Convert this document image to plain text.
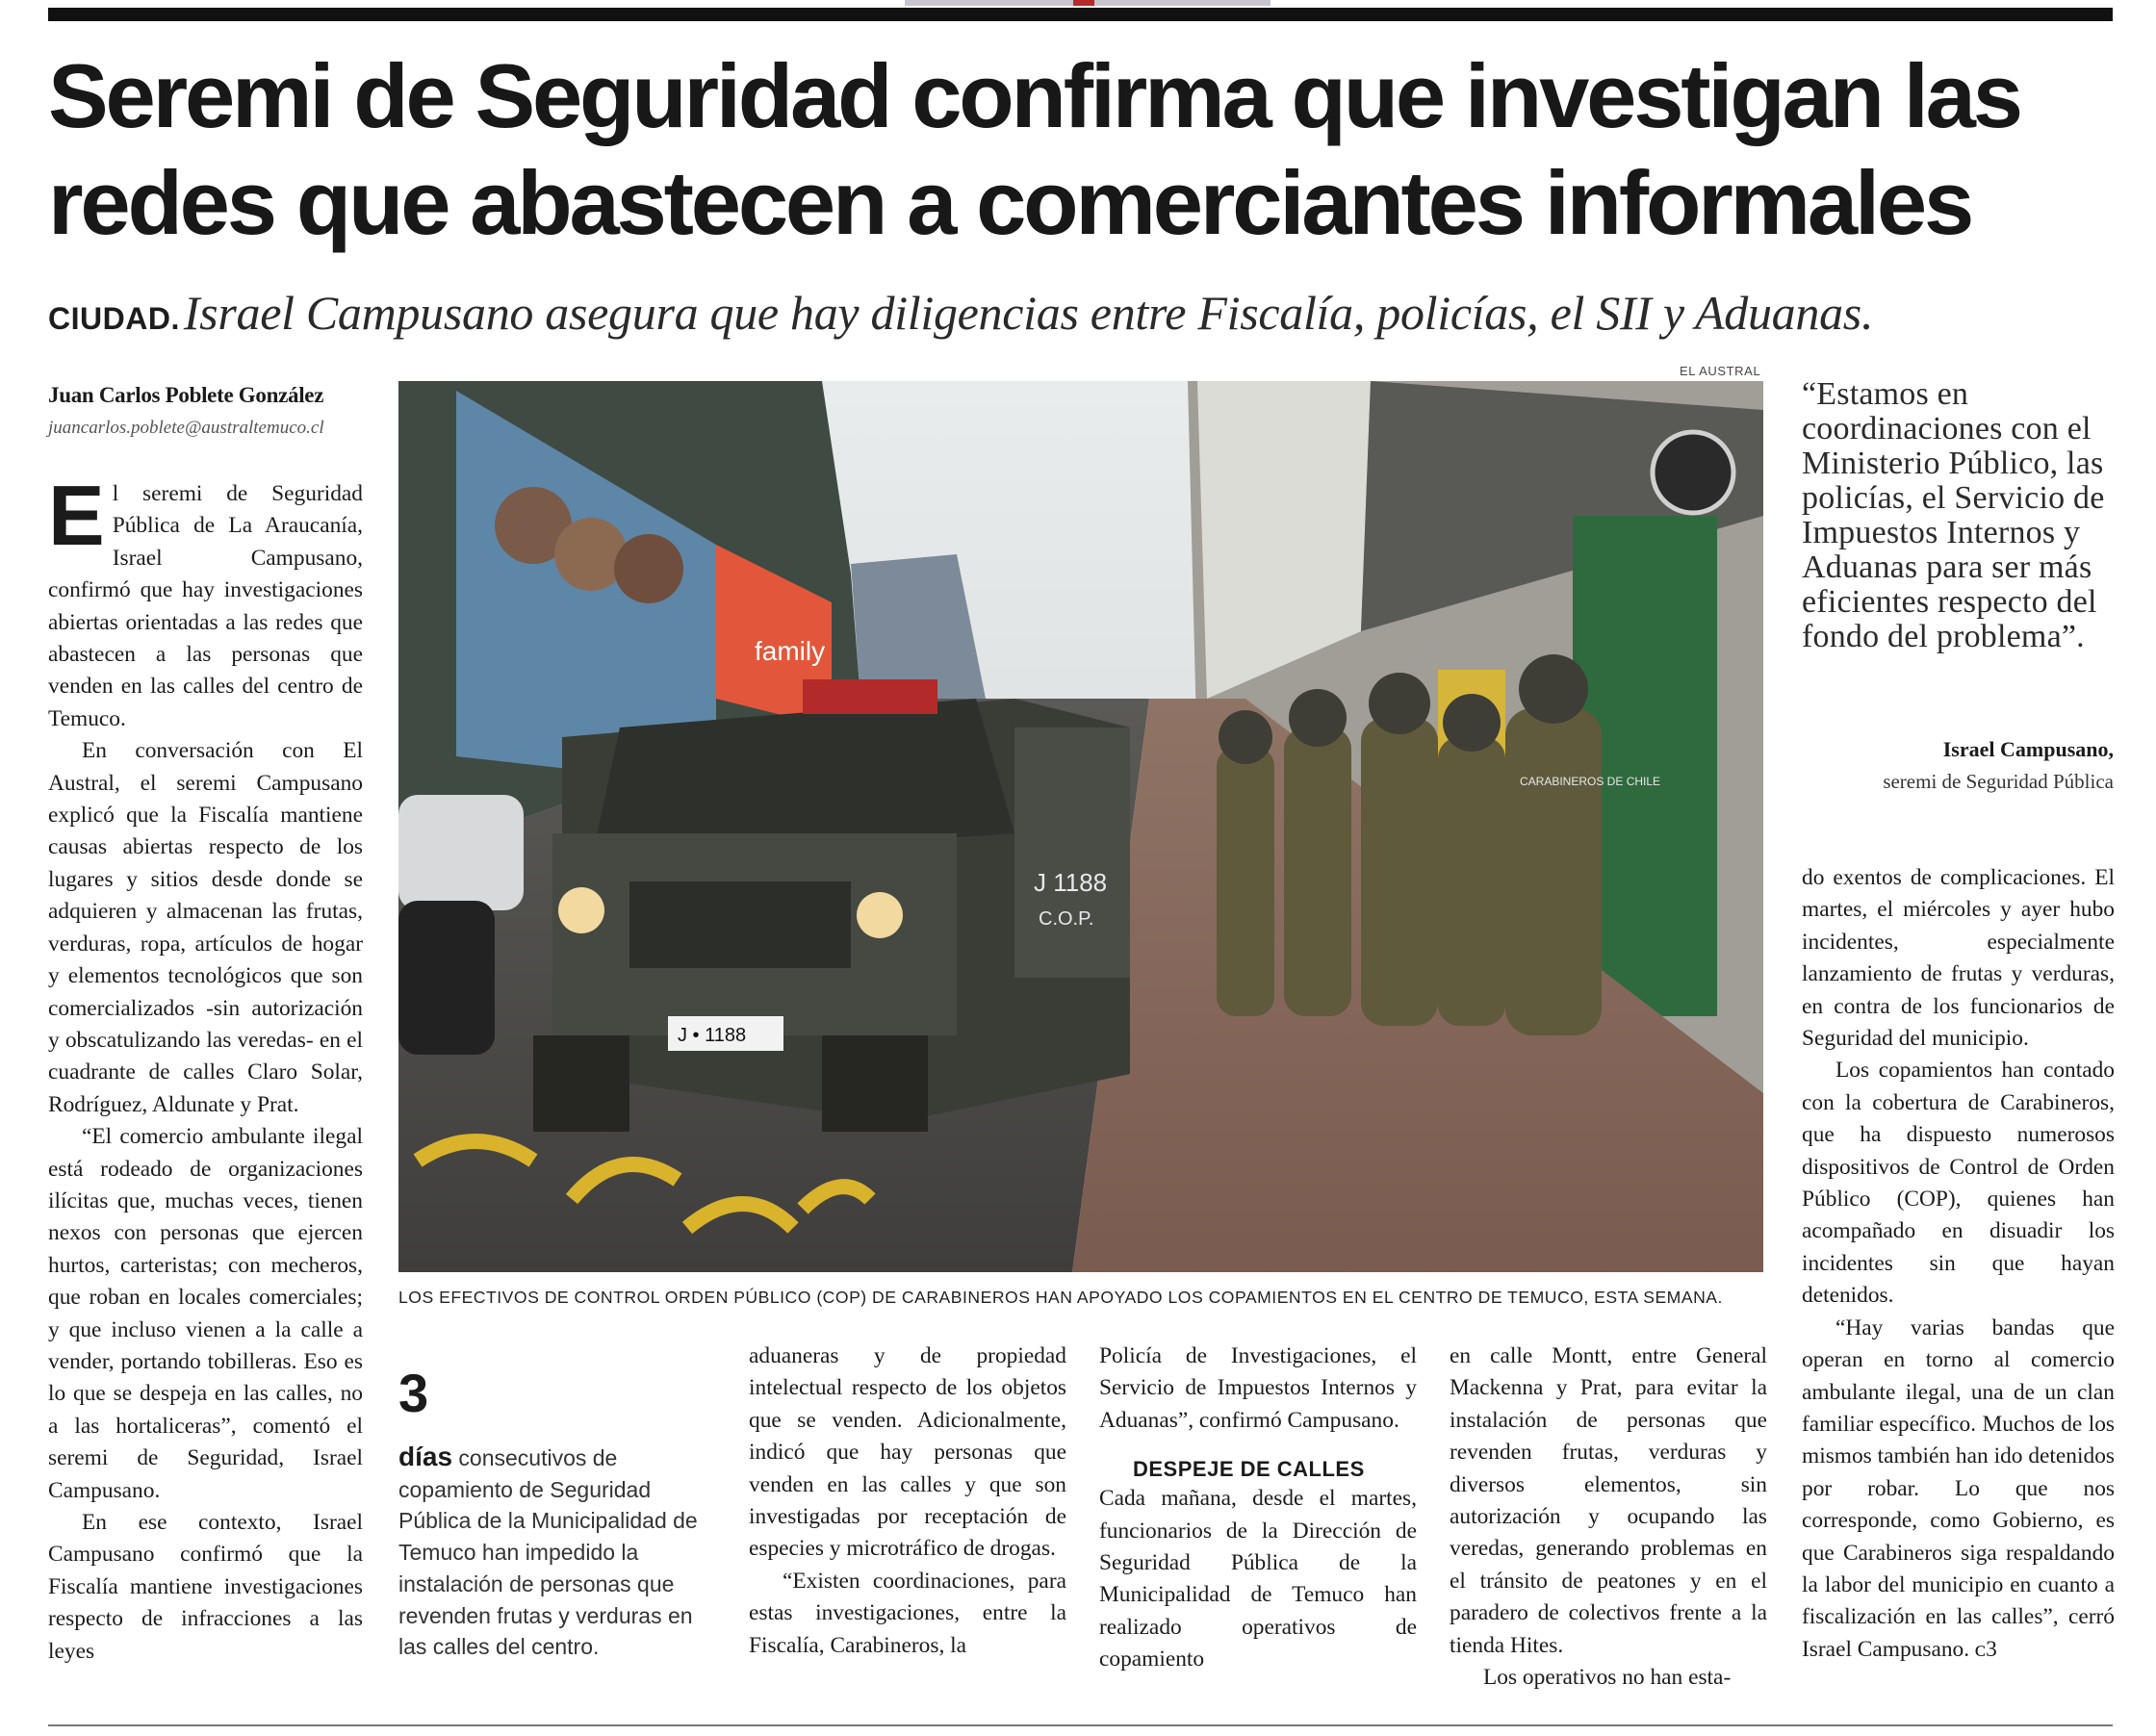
Seremi de Seguridad confirma que investigan las
redes que abastecen a comerciantes informales
CIUDAD. Israel Campusano asegura que hay diligencias entre Fiscalía, policías, el SII y Aduanas.
Juan Carlos Poblete González
juancarlos.poblete@australtemuco.cl

El seremi de Seguridad Pública de La Araucanía, Israel Campusano, confirmó que hay investigaciones abiertas orientadas a las redes que abastecen a las personas que venden en las calles del centro de Temuco.

En conversación con El Austral, el seremi Campusano explicó que la Fiscalía mantiene causas abiertas respecto de los lugares y sitios desde donde se adquieren y almacenan las frutas, verduras, ropa, artículos de hogar y elementos tecnológicos que son comercializados -sin autorización y obscatulizando las veredas- en el cuadrante de calles Claro Solar, Rodríguez, Aldunate y Prat.

“El comercio ambulante ilegal está rodeado de organizaciones ilícitas que, muchas veces, tienen nexos con personas que ejercen hurtos, carteristas; con mecheros, que roban en locales comerciales; y que incluso vienen a la calle a vender, portando tobilleras. Eso es lo que se despeja en las calles, no a las hortaliceras”, comentó el seremi de Seguridad, Israel Campusano.

En ese contexto, Israel Campusano confirmó que la Fiscalía mantiene investigaciones respecto de infracciones a las leyes

EL AUSTRAL
family
J 1188
C.O.P.
J • 1188
CARABINEROS DE CHILE
LOS EFECTIVOS DE CONTROL ORDEN PÚBLICO (COP) DE CARABINEROS HAN APOYADO LOS COPAMIENTOS EN EL CENTRO DE TEMUCO, ESTA SEMANA.
3
días consecutivos de copamiento de Seguridad Pública de la Municipalidad de Temuco han impedido la instalación de personas que revenden frutas y verduras en las calles del centro.

aduaneras y de propiedad intelectual respecto de los objetos que se venden. Adicionalmente, indicó que hay personas que venden en las calles y que son investigadas por receptación de especies y microtráfico de drogas.

“Existen coordinaciones, para estas investigaciones, entre la Fiscalía, Carabineros, la

Policía de Investigaciones, el Servicio de Impuestos Internos y Aduanas”, confirmó Campusano.

DESPEJE DE CALLES

Cada mañana, desde el martes, funcionarios de la Dirección de Seguridad Pública de la Municipalidad de Temuco han realizado operativos de copamiento

en calle Montt, entre General Mackenna y Prat, para evitar la instalación de personas que revenden frutas, verduras y diversos elementos, sin autorización y ocupando las veredas, generando problemas en el tránsito de peatones y en el paradero de colectivos frente a la tienda Hites.

Los operativos no han esta-

“Estamos en coordinaciones con el Ministerio Público, las policías, el Servicio de Impuestos Internos y Aduanas para ser más eficientes respecto del fondo del problema”.
Israel Campusano,
seremi de Seguridad Pública

do exentos de complicaciones. El martes, el miércoles y ayer hubo incidentes, especialmente lanzamiento de frutas y verduras, en contra de los funcionarios de Seguridad del municipio.

Los copamientos han contado con la cobertura de Carabineros, que ha dispuesto numerosos dispositivos de Control de Orden Público (COP), quienes han acompañado en disuadir los incidentes sin que hayan detenidos.

“Hay varias bandas que operan en torno al comercio ambulante ilegal, una de un clan familiar específico. Muchos de los mismos también han ido detenidos por robar. Lo que nos corresponde, como Gobierno, es que Carabineros siga respaldando la labor del municipio en cuanto a fiscalización en las calles”, cerró Israel Campusano. ᴄ3
